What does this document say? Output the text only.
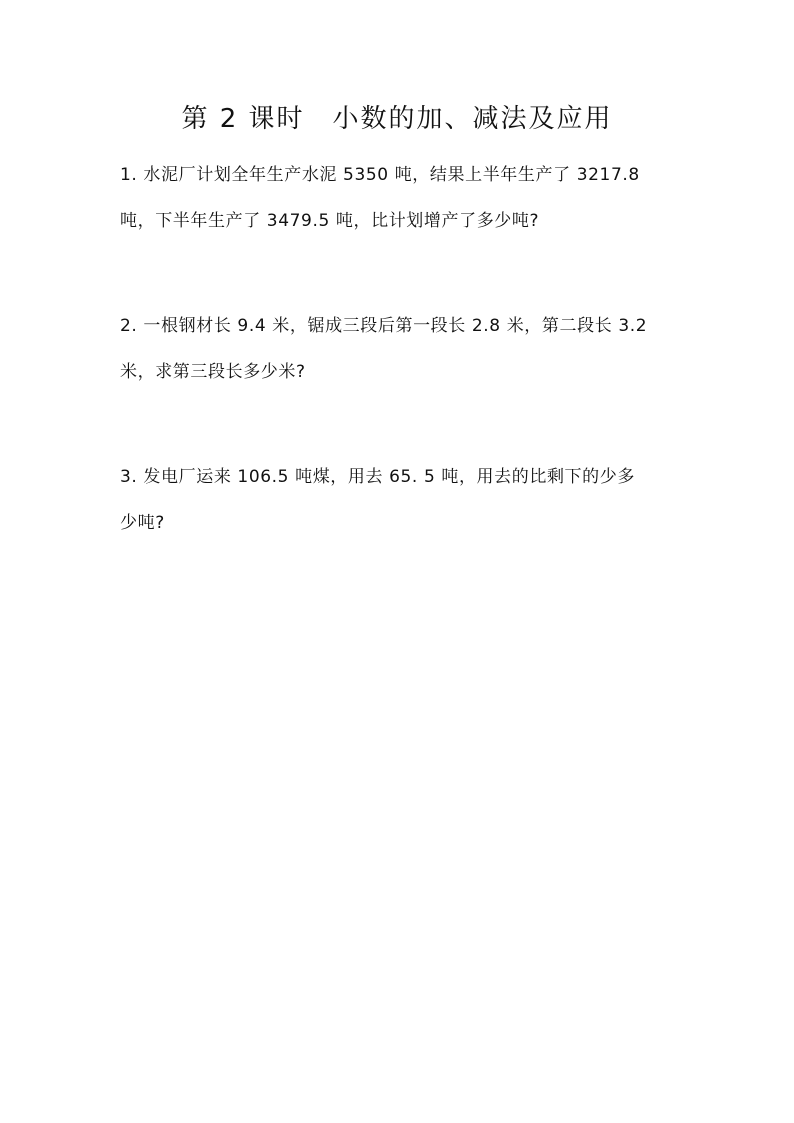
第 2 课时　小数的加、减法及应用
1. 水泥厂计划全年生产水泥 5350 吨，结果上半年生产了 3217.8
吨，下半年生产了 3479.5 吨，比计划增产了多少吨?
2. 一根钢材长 9.4 米，锯成三段后第一段长 2.8 米，第二段长 3.2
米，求第三段长多少米?
3. 发电厂运来 106.5 吨煤，用去 65. 5 吨，用去的比剩下的少多
少吨?
